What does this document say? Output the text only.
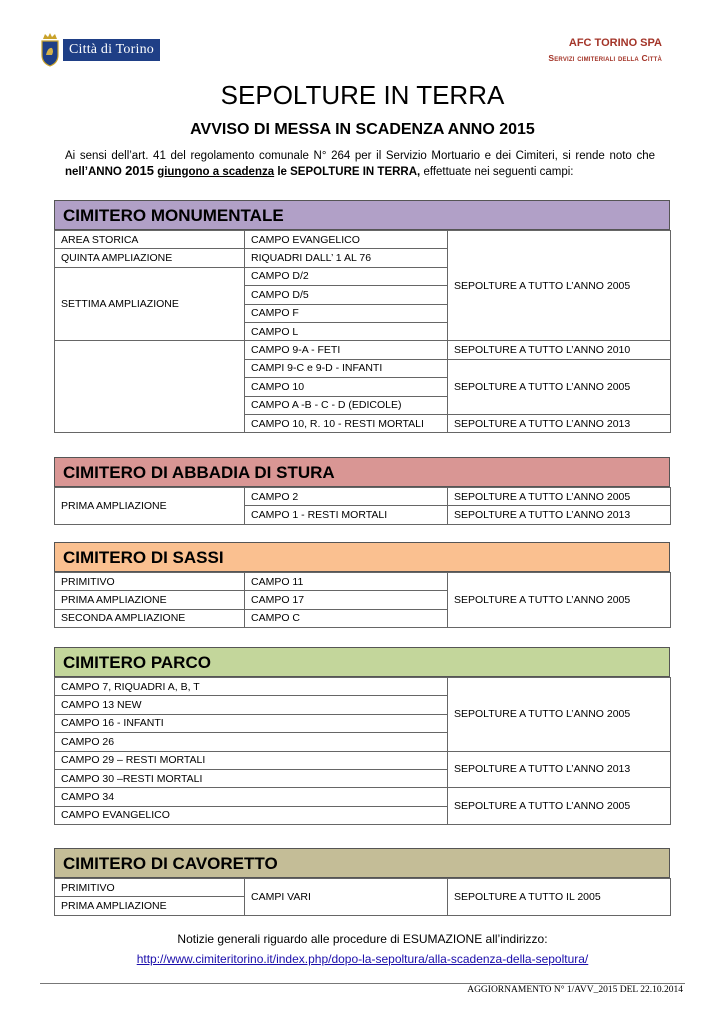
Città di Torino	AFC TORINO SPA
Servizi cimiteriali della Città
SEPOLTURE IN TERRA
AVVISO DI MESSA IN SCADENZA ANNO 2015
Ai sensi dell’art. 41 del regolamento comunale N° 264 per il Servizio Mortuario e dei Cimiteri, si rende noto che nell’ANNO 2015 giungono a scadenza le SEPOLTURE IN TERRA, effettuate nei seguenti campi:
CIMITERO MONUMENTALE
AREA STORICA	CAMPO EVANGELICO	SEPOLTURE A TUTTO L’ANNO 2005
QUINTA AMPLIAZIONE	RIQUADRI DALL’ 1 AL 76	
SETTIMA AMPLIAZIONE	CAMPO D/2	
	CAMPO D/5	
	CAMPO F	
	CAMPO L	
	CAMPO 9-A - FETI	SEPOLTURE A TUTTO L’ANNO 2010
	CAMPI 9-C e 9-D - INFANTI	SEPOLTURE A TUTTO L’ANNO 2005
	CAMPO 10	
	CAMPO A -B - C - D (EDICOLE)	
	CAMPO 10, R. 10 - RESTI MORTALI	SEPOLTURE A TUTTO L’ANNO 2013
CIMITERO DI ABBADIA DI STURA
PRIMA AMPLIAZIONE	CAMPO 2	SEPOLTURE A TUTTO L’ANNO 2005
	CAMPO 1 - RESTI MORTALI	SEPOLTURE A TUTTO L’ANNO 2013
CIMITERO DI SASSI
PRIMITIVO	CAMPO 11	SEPOLTURE A TUTTO L’ANNO 2005
PRIMA AMPLIAZIONE	CAMPO 17	
SECONDA AMPLIAZIONE	CAMPO C	
CIMITERO PARCO
CAMPO 7, RIQUADRI A, B, T	SEPOLTURE A TUTTO L’ANNO 2005
CAMPO 13 NEW	
CAMPO 16 - INFANTI	
CAMPO 26	
CAMPO 29 – RESTI MORTALI	SEPOLTURE A TUTTO L’ANNO 2013
CAMPO 30 –RESTI MORTALI	
CAMPO 34	SEPOLTURE A TUTTO L’ANNO 2005
CAMPO EVANGELICO	
CIMITERO DI CAVORETTO
PRIMITIVO	CAMPI VARI	SEPOLTURE A TUTTO IL 2005
PRIMA AMPLIAZIONE
Notizie generali riguardo alle procedure di ESUMAZIONE all’indirizzo:
http://www.cimiteritorino.it/index.php/dopo-la-sepoltura/alla-scadenza-della-sepoltura/
AGGIORNAMENTO N° 1/AVV_2015 DEL 22.10.2014
